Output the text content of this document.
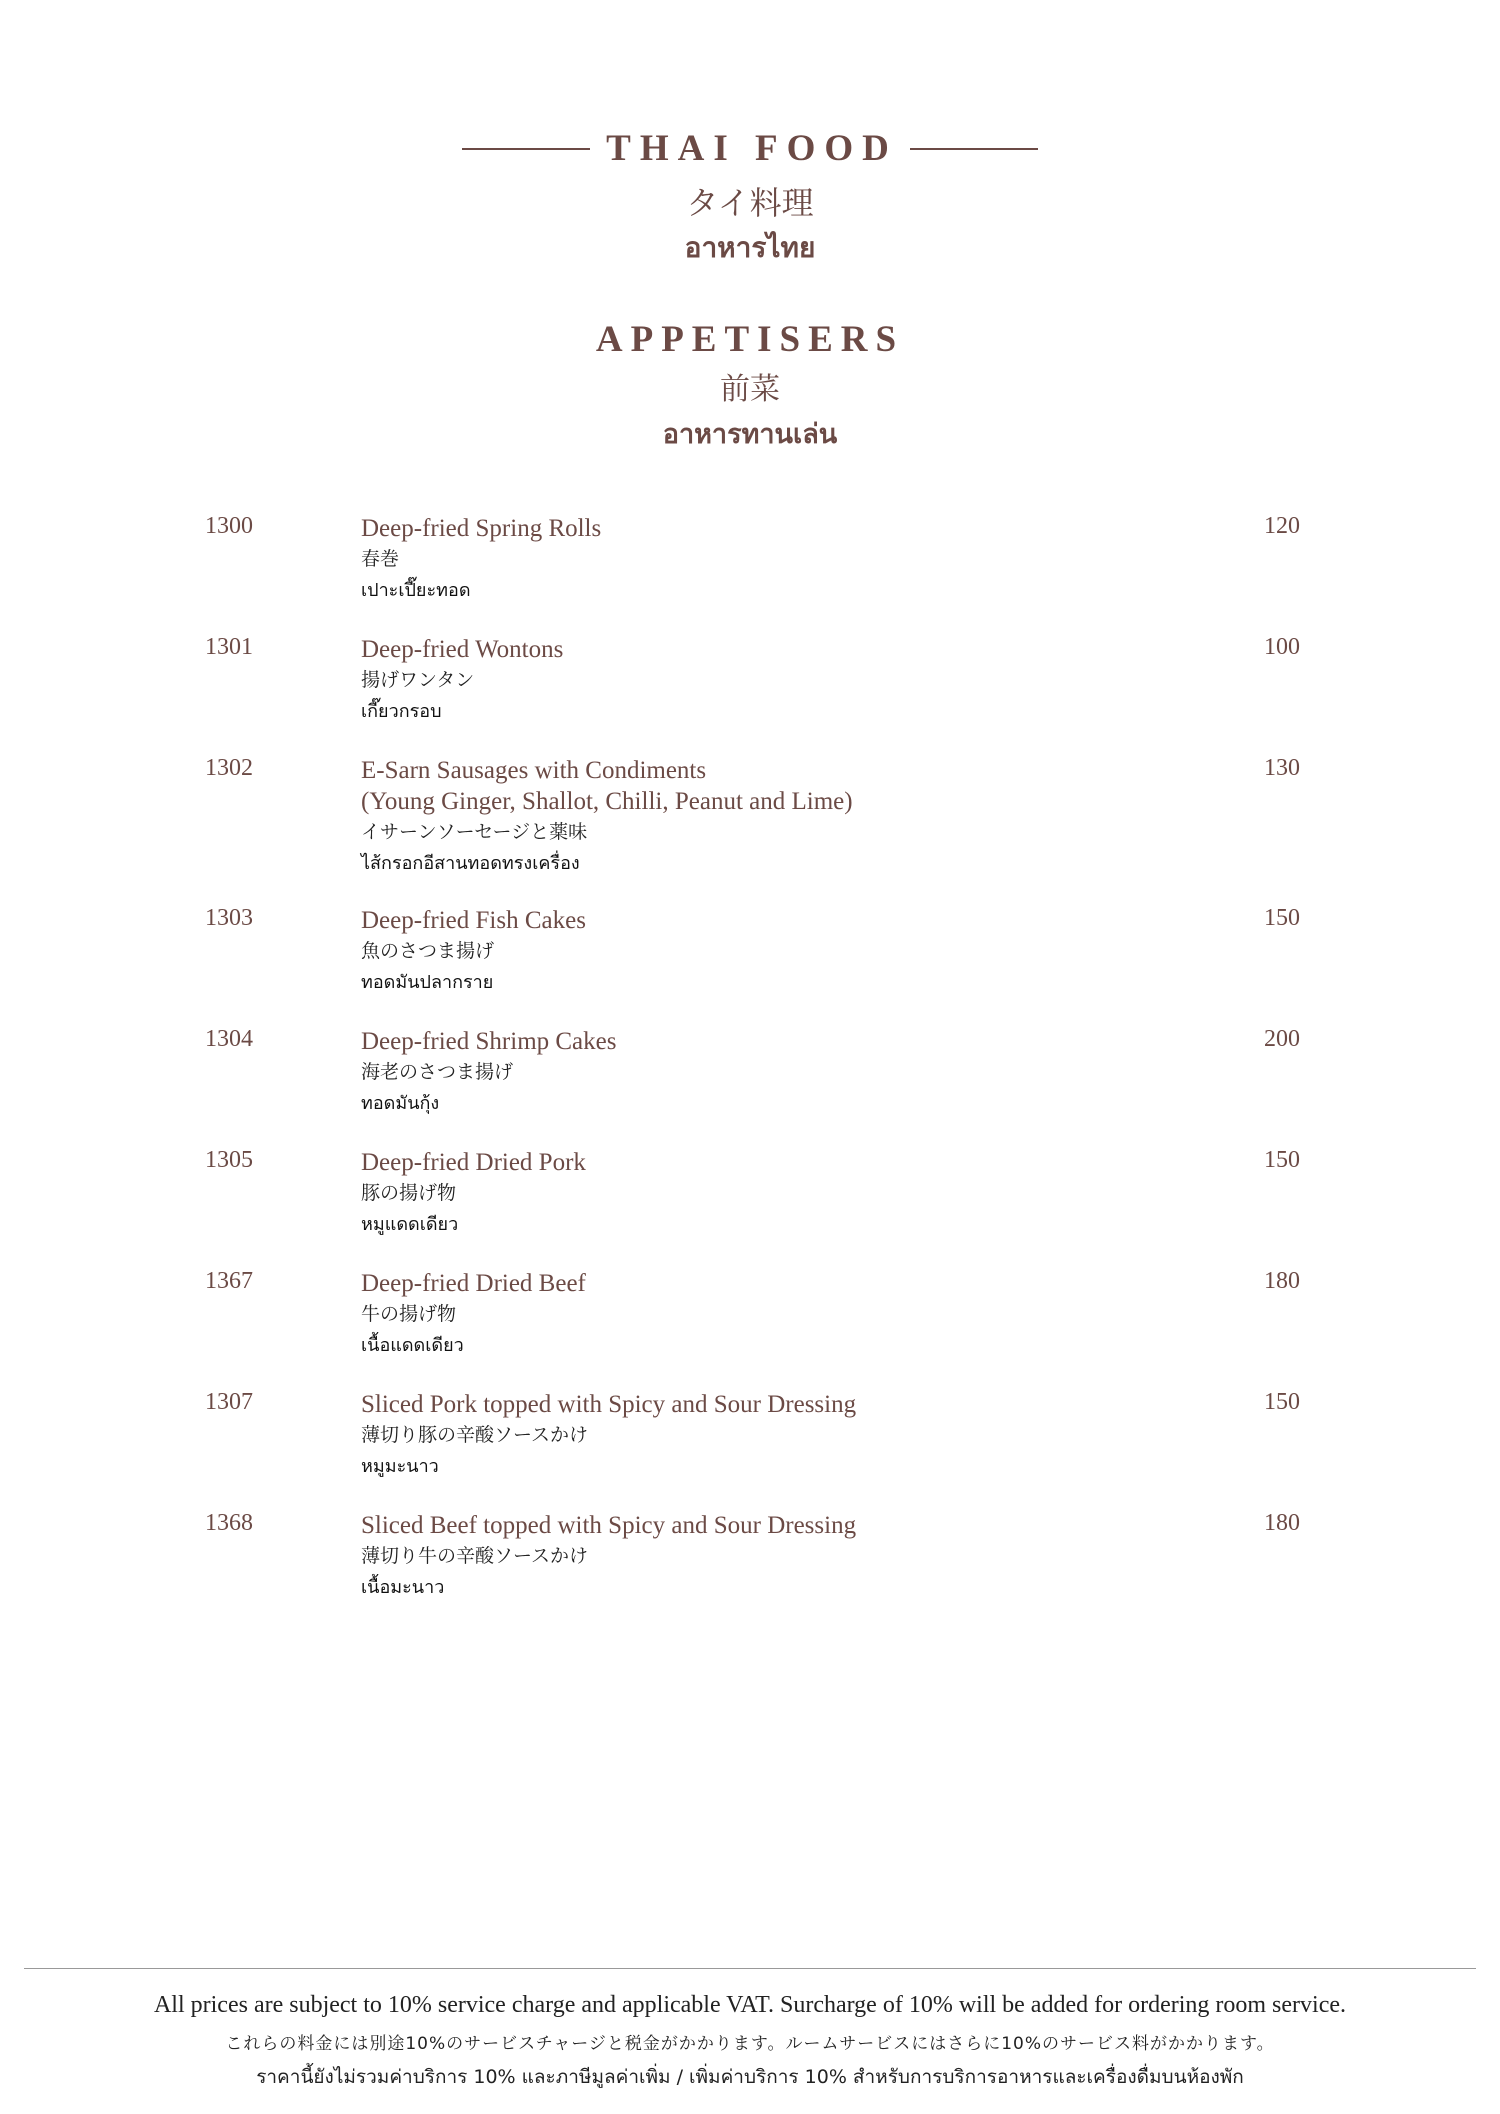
THAI FOOD
タイ料理
อาหารไทย
APPETISERS
前菜
อาหารทานเล่น
1300	Deep-fried Spring Rolls
春巻
เปาะเปี๊ยะทอด
120
1301	Deep-fried Wontons
揚げワンタン
เกี๊ยวกรอบ
100
1302	E-Sarn Sausages with Condiments
(Young Ginger, Shallot, Chilli, Peanut and Lime)
イサーンソーセージと薬味
ไส้กรอกอีสานทอดทรงเครื่อง
130
1303	Deep-fried Fish Cakes
魚のさつま揚げ
ทอดมันปลากราย
150
1304	Deep-fried Shrimp Cakes
海老のさつま揚げ
ทอดมันกุ้ง
200
1305	Deep-fried Dried Pork
豚の揚げ物
หมูแดดเดียว
150
1367	Deep-fried Dried Beef
牛の揚げ物
เนื้อแดดเดียว
180
1307	Sliced Pork topped with Spicy and Sour Dressing
薄切り豚の辛酸ソースかけ
หมูมะนาว
150
1368	Sliced Beef topped with Spicy and Sour Dressing
薄切り牛の辛酸ソースかけ
เนื้อมะนาว
180
All prices are subject to 10% service charge and applicable VAT. Surcharge of 10% will be added for ordering room service.
これらの料金には別途10%のサービスチャージと税金がかかります。ルームサービスにはさらに10%のサービス料がかかります。
ราคานี้ยังไม่รวมค่าบริการ 10% และภาษีมูลค่าเพิ่ม / เพิ่มค่าบริการ 10% สำหรับการบริการอาหารและเครื่องดื่มบนห้องพัก
